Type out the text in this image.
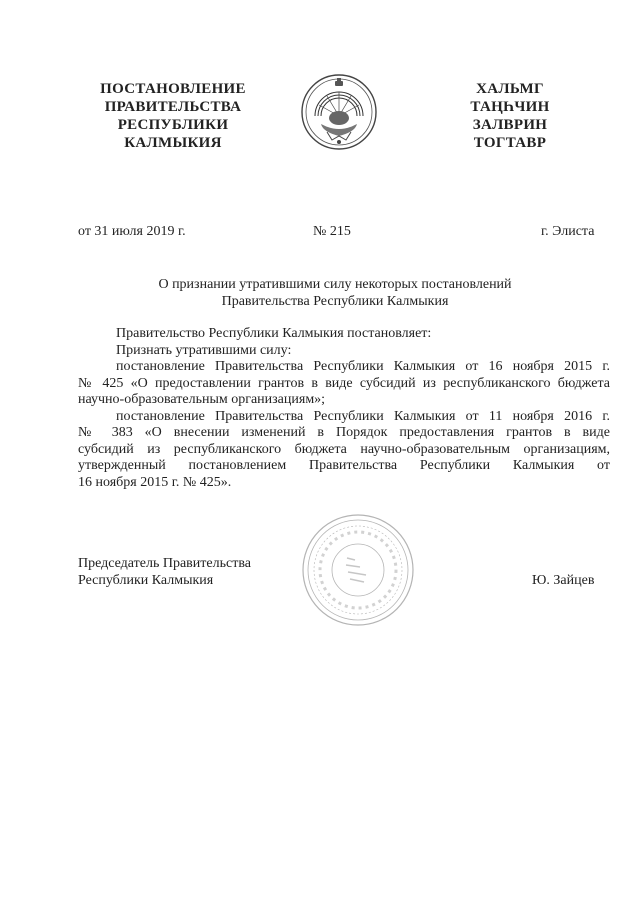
ПОСТАНОВЛЕНИЕ
ПРАВИТЕЛЬСТВА
РЕСПУБЛИКИ
КАЛМЫКИЯ
ХАЛЬМГ
ТАҢҺЧИН
ЗАЛВРИН
ТОГТАВР
от 31 июля 2019 г.	№ 215	г. Элиста
О признании утратившими силу некоторых постановлений
Правительства Республики Калмыкия

Правительство Республики Калмыкия постановляет:

Признать утратившими силу:

постановление Правительства Республики Калмыкия от 16 ноября 2015 г.
№ 425 «О предоставлении грантов в виде субсидий из республиканского бюджета
научно-образовательным организациям»;
постановление Правительства Республики Калмыкия от 11 ноября 2016 г.
№ 383 «О внесении изменений в Порядок предоставления грантов в виде
субсидий из республиканского бюджета научно-образовательным организациям,
утвержденный постановлением Правительства Республики Калмыкия от
16 ноября 2015 г. № 425».
Председатель Правительства
Республики Калмыкия	Ю. Зайцев
